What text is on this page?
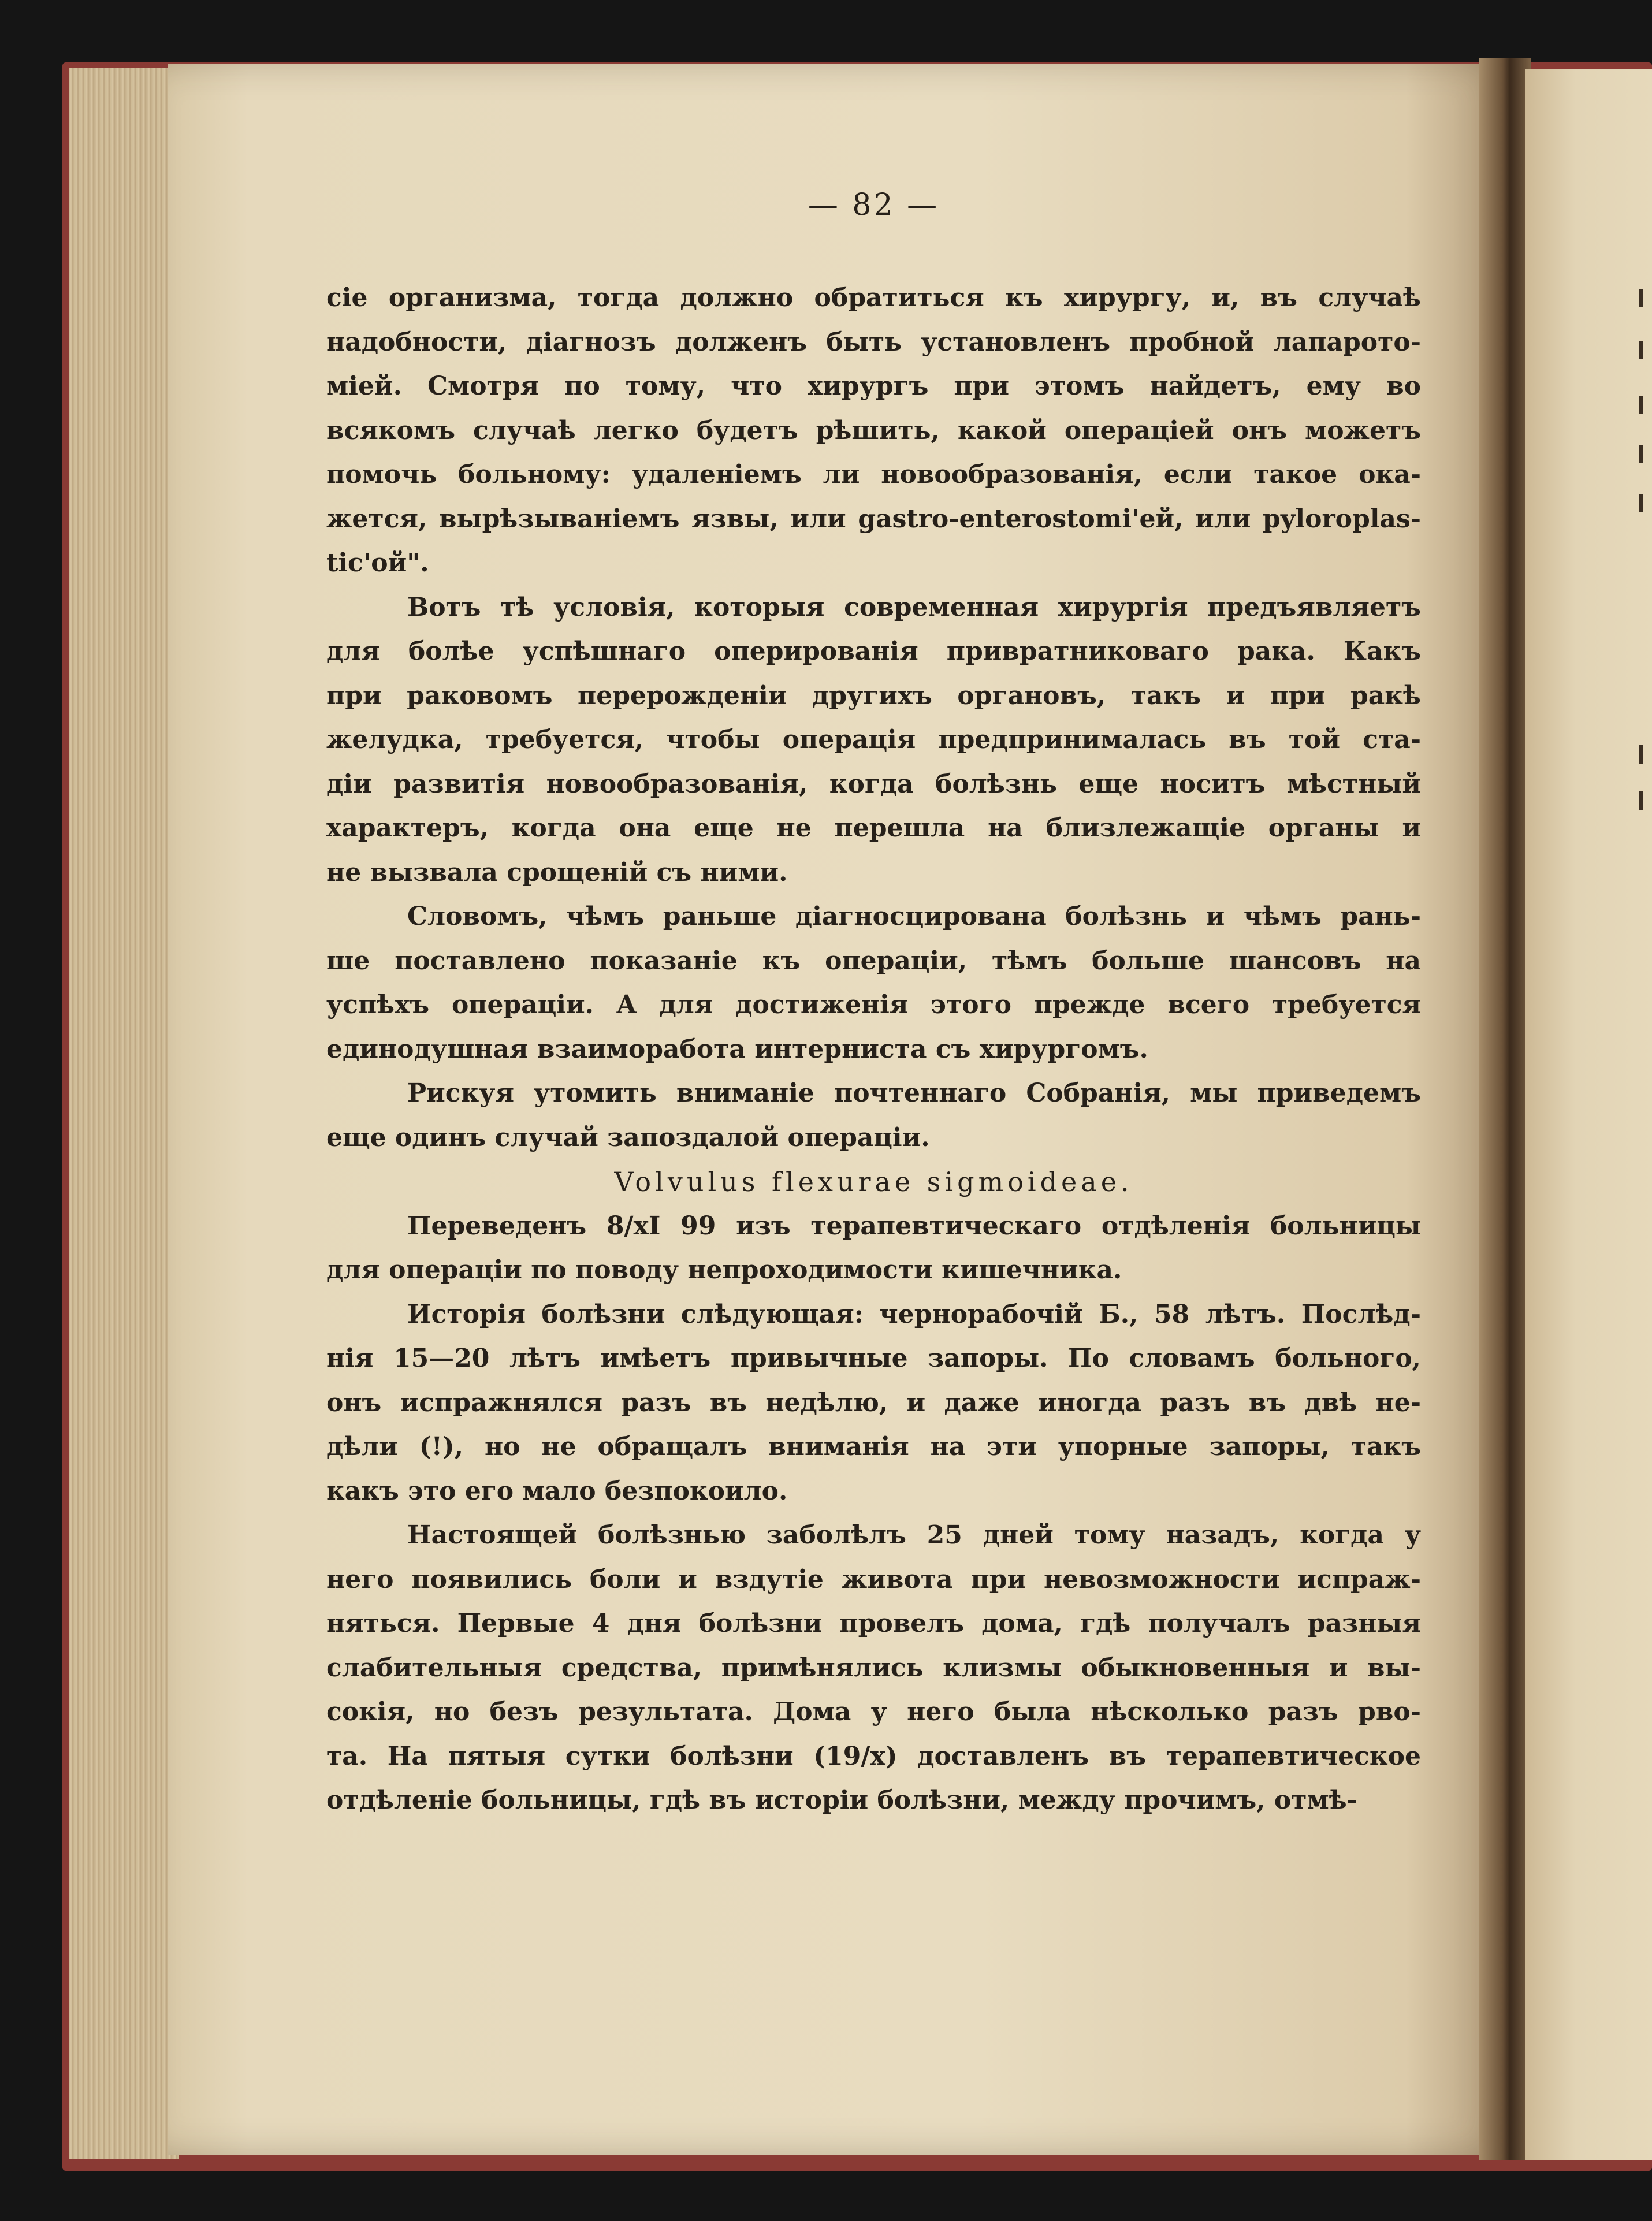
— 82 —

сіе организма, тогда должно обратиться къ хирургу, и, въ случаѣ

надобности, діагнозъ долженъ быть установленъ пробной лапарото-

міей. Смотря по тому, что хирургъ при этомъ найдетъ, ему во

всякомъ случаѣ легко будетъ рѣшить, какой операціей онъ можетъ

помочь больному: удаленіемъ ли новообразованія, если такое ока-

жется, вырѣзываніемъ язвы, или gastro-enterostomi'ей, или pyloroplas-

tic'ой".

Вотъ тѣ условія, которыя современная хирургія предъявляетъ

для болѣе успѣшнаго оперированія привратниковаго рака. Какъ

при раковомъ перерожденіи другихъ органовъ, такъ и при ракѣ

желудка, требуется, чтобы операція предпринималась въ той ста-

діи развитія новообразованія, когда болѣзнь еще носитъ мѣстный

характеръ, когда она еще не перешла на близлежащіе органы и

не вызвала срощеній съ ними.

Словомъ, чѣмъ раньше діагносцирована болѣзнь и чѣмъ рань-

ше поставлено показаніе къ операціи, тѣмъ больше шансовъ на

успѣхъ операціи. А для достиженія этого прежде всего требуется

единодушная взаиморабота интерниста съ хирургомъ.

Рискуя утомить вниманіе почтеннаго Собранія, мы приведемъ

еще одинъ случай запоздалой операціи.

Volvulus flexurae sigmoideae.

Переведенъ 8/xI 99 изъ терапевтическаго отдѣленія больницы

для операціи по поводу непроходимости кишечника.

Исторія болѣзни слѣдующая: чернорабочій Б., 58 лѣтъ. Послѣд-

нія 15—20 лѣтъ имѣетъ привычные запоры. По словамъ больного,

онъ испражнялся разъ въ недѣлю, и даже иногда разъ въ двѣ не-

дѣли (!), но не обращалъ вниманія на эти упорные запоры, такъ

какъ это его мало безпокоило.

Настоящей болѣзнью заболѣлъ 25 дней тому назадъ, когда у

него появились боли и вздутіе живота при невозможности испраж-

няться. Первые 4 дня болѣзни провелъ дома, гдѣ получалъ разныя

слабительныя средства, примѣнялись клизмы обыкновенныя и вы-

сокія, но безъ результата. Дома у него была нѣсколько разъ рво-

та. На пятыя сутки болѣзни (19/x) доставленъ въ терапевтическое

отдѣленіе больницы, гдѣ въ исторіи болѣзни, между прочимъ, отмѣ-
